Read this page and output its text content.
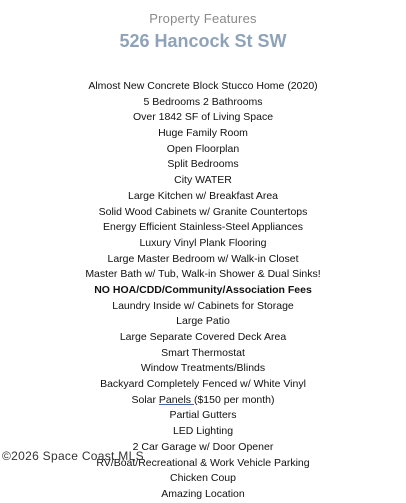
Property Features
526 Hancock St SW
Almost New Concrete Block Stucco Home (2020)
5 Bedrooms 2 Bathrooms
Over 1842 SF of Living Space
Huge Family Room
Open Floorplan
Split Bedrooms
City WATER
Large Kitchen w/ Breakfast Area
Solid Wood Cabinets w/ Granite Countertops
Energy Efficient Stainless-Steel Appliances
Luxury Vinyl Plank Flooring
Large Master Bedroom w/ Walk-in Closet
Master Bath w/ Tub, Walk-in Shower & Dual Sinks!
NO HOA/CDD/Community/Association Fees
Laundry Inside w/ Cabinets for Storage
Large Patio
Large Separate Covered Deck Area
Smart Thermostat
Window Treatments/Blinds
Backyard Completely Fenced w/ White Vinyl
Solar Panels ($150 per month)
Partial Gutters
LED Lighting
2 Car Garage w/ Door Opener
RV/Boat/Recreational & Work Vehicle Parking
Chicken Coup
Amazing Location
©2026 Space Coast MLS
